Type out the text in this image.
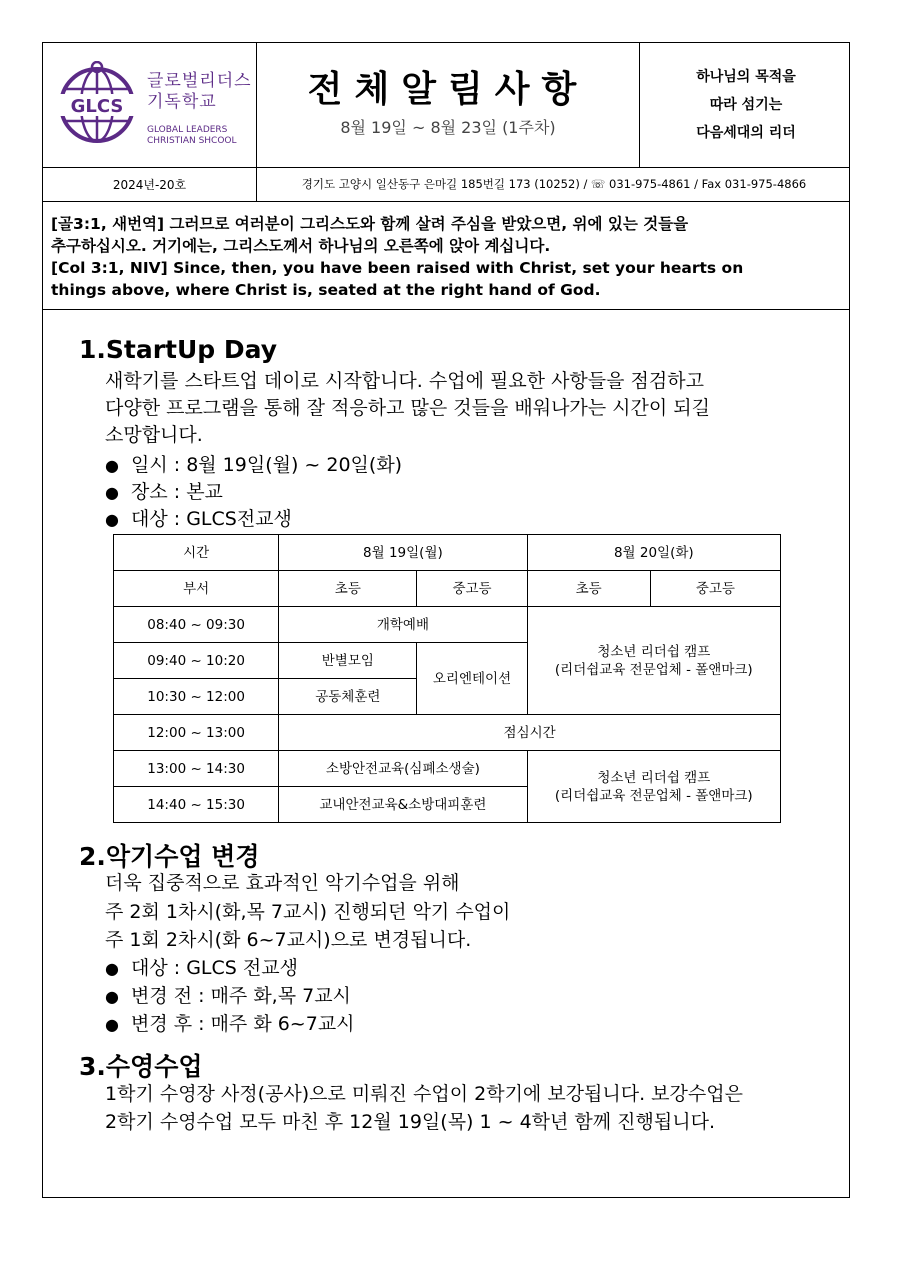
GLCS
글로벌리더스
기독학교
GLOBAL LEADERS
CHRISTIAN SHCOOL
전체알림사항
8월 19일 ~ 8월 23일 (1주차)
하나님의 목적을
따라 섬기는
다음세대의 리더
2024년-20호	경기도 고양시 일산동구 은마길 185번길 173 (10252) / ☏ 031-975-4861 / Fax 031-975-4866
[골3:1, 새번역] 그러므로 여러분이 그리스도와 함께 살려 주심을 받았으면, 위에 있는 것들을
추구하십시오. 거기에는, 그리스도께서 하나님의 오른쪽에 앉아 계십니다.
[Col 3:1, NIV] Since, then, you have been raised with Christ, set your hearts on
things above, where Christ is, seated at the right hand of God.
1.StartUp Day
새학기를 스타트업 데이로 시작합니다. 수업에 필요한 사항들을 점검하고
다양한 프로그램을 통해 잘 적응하고 많은 것들을 배워나가는 시간이 되길
소망합니다.
● 일시 : 8월 19일(월) ~ 20일(화)
● 장소 : 본교
● 대상 : GLCS전교생
시간	8월 19일(월)		8월 20일(화)	
부서	초등	중고등	초등	중고등
08:40 ~ 09:30	개학예배		청소년 리더쉽 캠프
(리더쉽교육 전문업체 - 폴앤마크)	

09:40 ~ 10:20	반별모임	오리엔테이션		
10:30 ~ 12:00	공동체훈련			
12:00 ~ 13:00	점심시간			
13:00 ~ 14:30	소방안전교육(심폐소생술)		청소년 리더쉽 캠프
(리더쉽교육 전문업체 - 폴앤마크)	

14:40 ~ 15:30	교내안전교육&소방대피훈련			
2.악기수업 변경
더욱 집중적으로 효과적인 악기수업을 위해
주 2회 1차시(화,목 7교시) 진행되던 악기 수업이
주 1회 2차시(화 6~7교시)으로 변경됩니다.
● 대상 : GLCS 전교생
● 변경 전 : 매주 화,목 7교시
● 변경 후 : 매주 화 6~7교시
3.수영수업
1학기 수영장 사정(공사)으로 미뤄진 수업이 2학기에 보강됩니다. 보강수업은
2학기 수영수업 모두 마친 후 12월 19일(목) 1 ~ 4학년 함께 진행됩니다.
